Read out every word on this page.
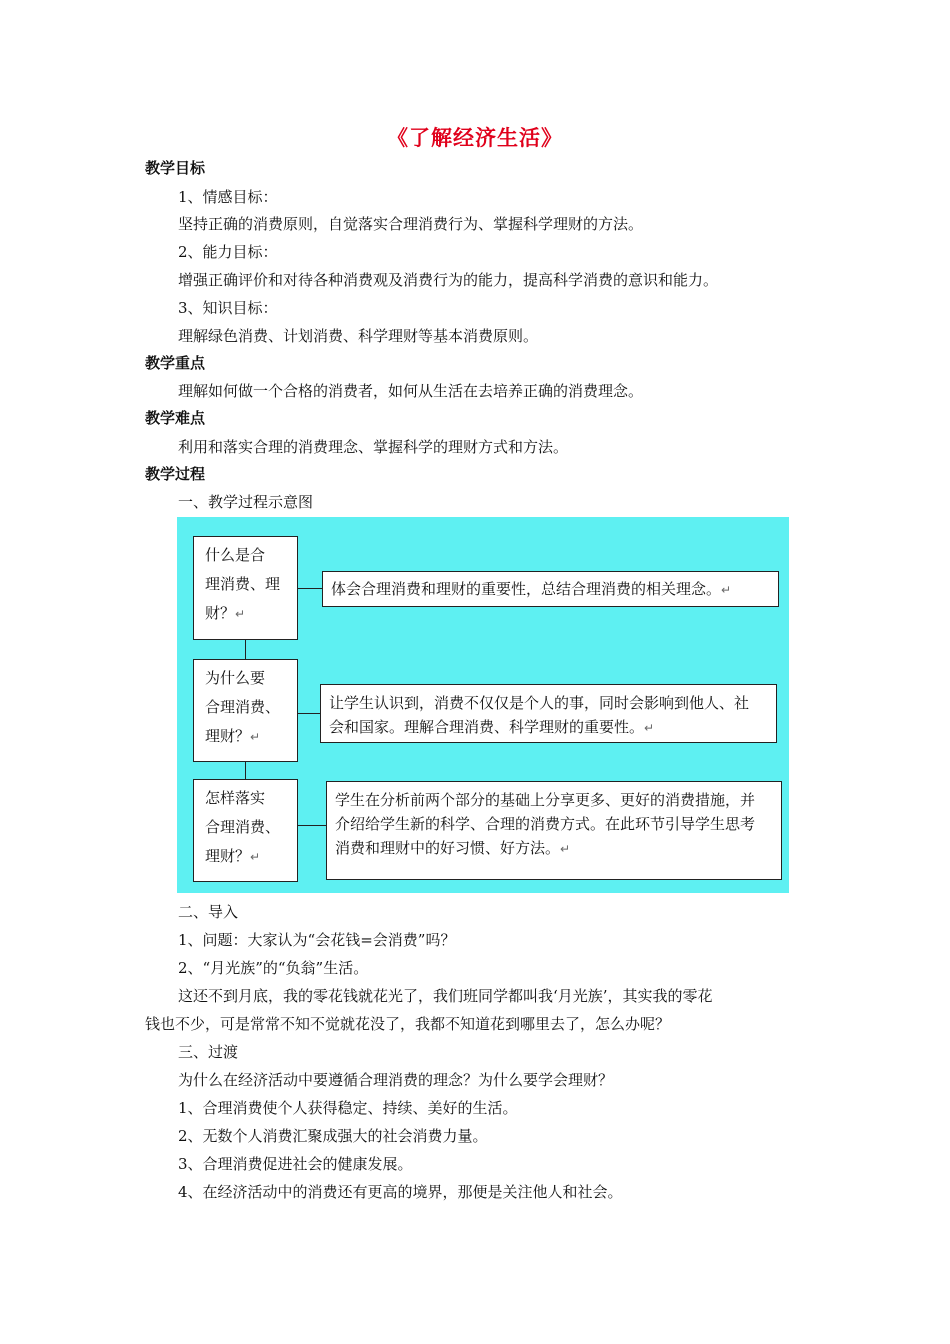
《了解经济生活》
教学目标
1、情感目标：
坚持正确的消费原则，自觉落实合理消费行为、掌握科学理财的方法。
2、能力目标：
增强正确评价和对待各种消费观及消费行为的能力，提高科学消费的意识和能力。
3、知识目标：
理解绿色消费、计划消费、科学理财等基本消费原则。
教学重点
理解如何做一个合格的消费者，如何从生活在去培养正确的消费理念。
教学难点
利用和落实合理的消费理念、掌握科学的理财方式和方法。
教学过程
一、教学过程示意图
什么是合
理消费、理
财？↵
体会合理消费和理财的重要性，总结合理消费的相关理念。↵
为什么要
合理消费、
理财？↵
让学生认识到，消费不仅仅是个人的事，同时会影响到他人、社
会和国家。理解合理消费、科学理财的重要性。↵
怎样落实
合理消费、
理财？↵
学生在分析前两个部分的基础上分享更多、更好的消费措施，并
介绍给学生新的科学、合理的消费方式。在此环节引导学生思考
消费和理财中的好习惯、好方法。↵
二、导入
1、问题：大家认为“会花钱=会消费”吗？
2、“月光族”的“负翁”生活。
这还不到月底，我的零花钱就花光了，我们班同学都叫我‘月光族’，其实我的零花
钱也不少，可是常常不知不觉就花没了，我都不知道花到哪里去了，怎么办呢？
三、过渡
为什么在经济活动中要遵循合理消费的理念？为什么要学会理财？
1、合理消费使个人获得稳定、持续、美好的生活。
2、无数个人消费汇聚成强大的社会消费力量。
3、合理消费促进社会的健康发展。
4、在经济活动中的消费还有更高的境界，那便是关注他人和社会。
